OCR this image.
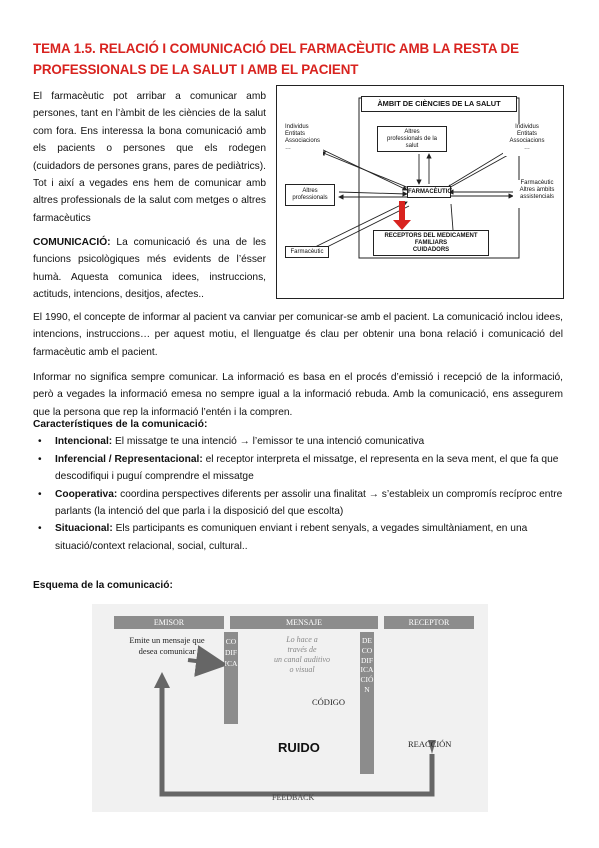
TEMA 1.5. RELACIÓ I COMUNICACIÓ DEL FARMACÈUTIC AMB LA RESTA DE PROFESSIONALS DE LA SALUT I AMB EL PACIENT
El farmacèutic pot arribar a comunicar amb persones, tant en l’àmbit de les ciències de la salut com fora. Ens interessa la bona comunicació amb els pacients o persones que els rodegen (cuidadors de persones grans, pares de pediàtrics). Tot i així a vegades ens hem de comunicar amb altres professionals de la salut com metges o altres farmacèutics
COMUNICACIÓ: La comunicació és una de les funcions psicològiques més evidents de l’ésser humà. Aquesta comunica idees, instruccions, actituds, intencions, desitjos, afectes..
El 1990, el concepte de informar al pacient va canviar per comunicar-se amb el pacient. La comunicació inclou idees, intencions, instruccions… per aquest motiu, el llenguatge és clau per obtenir una bona relació i comunicació del farmacèutic amb el pacient.
Informar no significa sempre comunicar. La informació es basa en el procés d’emissió i recepció de la informació, però a vegades la informació emesa no sempre igual a la informació rebuda. Amb la comunicació, ens assegurem que la persona que rep la informació l’entén i la compren.
Característiques de la comunicació:
• Intencional: El missatge te una intenció → l’emissor te una intenció comunicativa
• Inferencial / Representacional: el receptor interpreta el missatge, el representa en la seva ment, el que fa que descodifiqui i puguí comprendre el missatge
• Cooperativa: coordina perspectives diferents per assolir una finalitat → s’estableix un compromís recíproc entre parlants (la intenció del que parla i la disposició del que escolta)
• Situacional: Els participants es comuniquen enviant i rebent senyals, a vegades simultàniament, en una situació/context relacional, social, cultural..
Esquema de la comunicació:
ÀMBIT DE CIÈNCIES DE LA SALUT
Individus
Entitats
Associacions
…
Altres
professionals de la
salut
Individus
Entitats
Associacions
…
Altres
professionals
FARMACÈUTIC
Farmacèutic
Altres àmbits
assistencials
RECEPTORS DEL MEDICAMENT
FAMILIARS
CUIDADORS
Farmacèutic
EMISOR	MENSAJE	RECEPTOR
Emite un mensaje que
desea comunicar
CODIFICA
Lo hace a
través de
un canal auditivo
o visual
DECODIFICACIÓN
CÓDIGO
RUIDO	REACCIÓN
FEEDBACK
